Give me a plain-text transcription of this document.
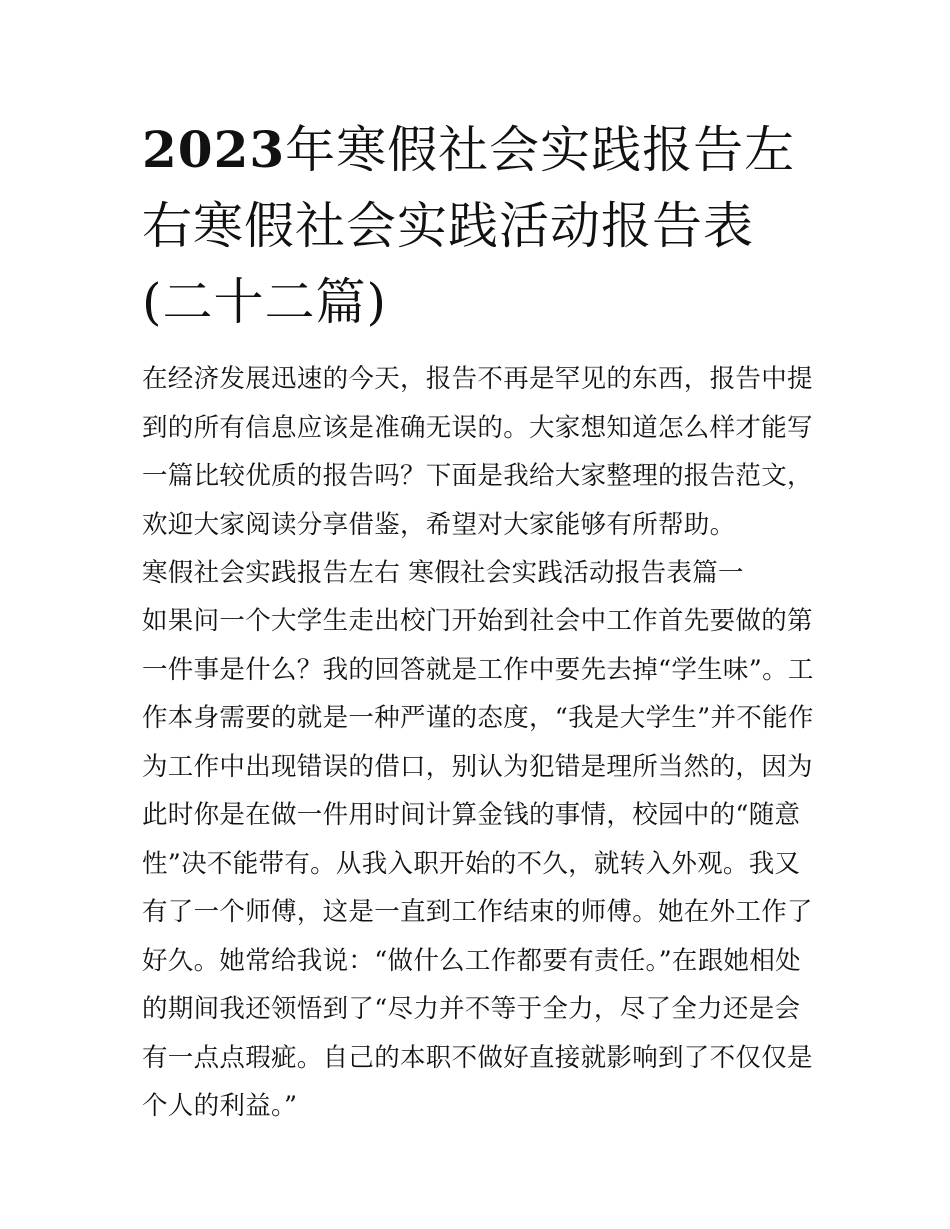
2023年寒假社会实践报告左右寒假社会实践活动报告表(二十二篇)

在经济发展迅速的今天，报告不再是罕见的东西，报告中提到的所有信息应该是准确无误的。大家想知道怎么样才能写一篇比较优质的报告吗？下面是我给大家整理的报告范文，欢迎大家阅读分享借鉴，希望对大家能够有所帮助。

寒假社会实践报告左右 寒假社会实践活动报告表篇一

如果问一个大学生走出校门开始到社会中工作首先要做的第一件事是什么？我的回答就是工作中要先去掉“学生味”。工作本身需要的就是一种严谨的态度，“我是大学生”并不能作为工作中出现错误的借口，别认为犯错是理所当然的，因为此时你是在做一件用时间计算金钱的事情，校园中的“随意性”决不能带有。从我入职开始的不久，就转入外观。我又有了一个师傅，这是一直到工作结束的师傅。她在外工作了好久。她常给我说：“做什么工作都要有责任。”在跟她相处的期间我还领悟到了“尽力并不等于全力，尽了全力还是会有一点点瑕疵。自己的本职不做好直接就影响到了不仅仅是个人的利益。”
